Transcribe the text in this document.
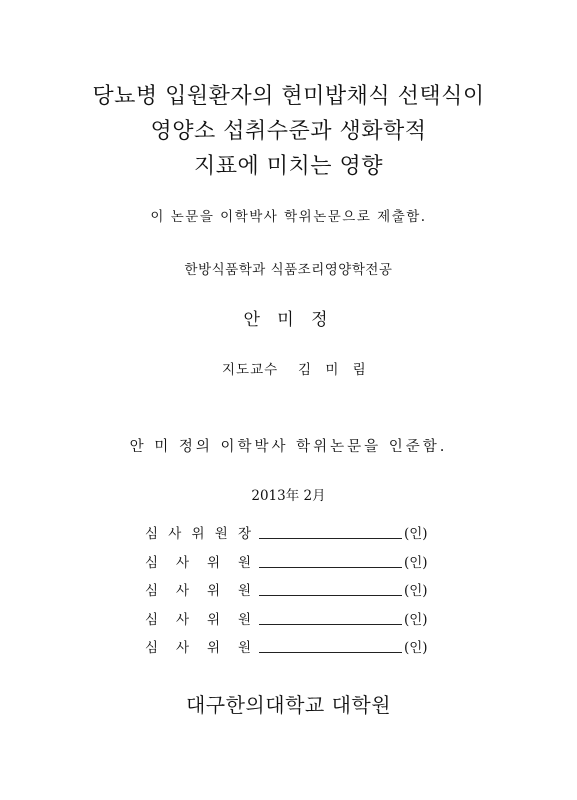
당뇨병 입원환자의 현미밥채식 선택식이
영양소 섭취수준과 생화학적
지표에 미치는 영향
이 논문을 이학박사 학위논문으로 제출함.
한방식품학과 식품조리영양학전공
안 미 정
지도교수 김 미 림
안 미 정의 이학박사 학위논문을 인준함.
2013年 2月
심 사 위 원 장	(인)
심 사 위 원	(인)
심 사 위 원	(인)
심 사 위 원	(인)
심 사 위 원	(인)
대구한의대학교 대학원
